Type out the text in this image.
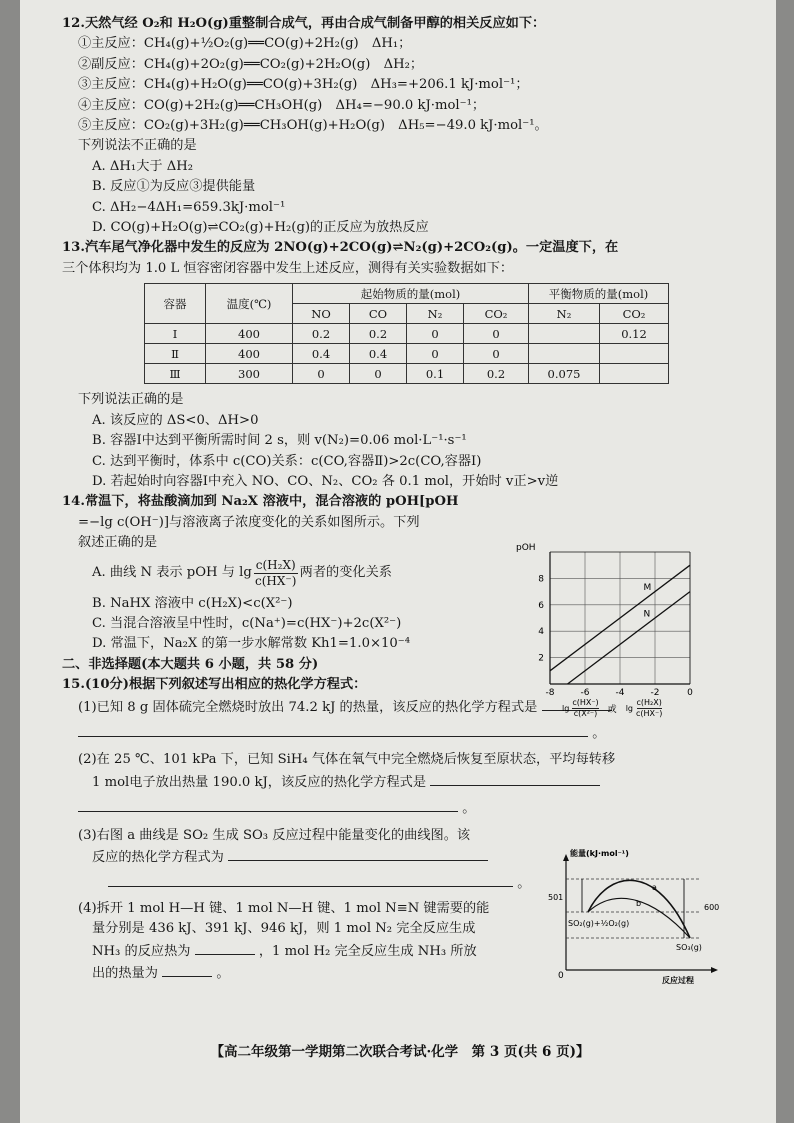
12.天然气经 O₂和 H₂O(g)重整制合成气，再由合成气制备甲醇的相关反应如下：
①主反应：CH₄(g)+½O₂(g)══CO(g)+2H₂(g)　ΔH₁；
②副反应：CH₄(g)+2O₂(g)══CO₂(g)+2H₂O(g)　ΔH₂；
③主反应：CH₄(g)+H₂O(g)══CO(g)+3H₂(g)　ΔH₃=+206.1 kJ·mol⁻¹；
④主反应：CO(g)+2H₂(g)══CH₃OH(g)　ΔH₄=−90.0 kJ·mol⁻¹；
⑤主反应：CO₂(g)+3H₂(g)══CH₃OH(g)+H₂O(g)　ΔH₅=−49.0 kJ·mol⁻¹。
下列说法不正确的是
A. ΔH₁大于 ΔH₂
B. 反应①为反应③提供能量
C. ΔH₂−4ΔH₁=659.3kJ·mol⁻¹
D. CO(g)+H₂O(g)⇌CO₂(g)+H₂(g)的正反应为放热反应
13.汽车尾气净化器中发生的反应为 2NO(g)+2CO(g)⇌N₂(g)+2CO₂(g)。一定温度下，在
三个体积均为 1.0 L 恒容密闭容器中发生上述反应，测得有关实验数据如下：
容器	温度(℃)	起始物质的量(mol)				平衡物质的量(mol)	
		NO	CO	N₂	CO₂	N₂	CO₂
Ⅰ	400	0.2	0.2	0	0		0.12
Ⅱ	400	0.4	0.4	0	0		
Ⅲ	300	0	0	0.1	0.2	0.075	
下列说法正确的是
A. 该反应的 ΔS<0、ΔH>0
B. 容器Ⅰ中达到平衡所需时间 2 s，则 v(N₂)=0.06 mol·L⁻¹·s⁻¹
C. 达到平衡时，体系中 c(CO)关系：c(CO,容器Ⅱ)>2c(CO,容器Ⅰ)
D. 若起始时向容器Ⅰ中充入 NO、CO、N₂、CO₂ 各 0.1 mol，开始时 v正>v逆
14.常温下，将盐酸滴加到 Na₂X 溶液中，混合溶液的 pOH[pOH
=−lg c(OH⁻)]与溶液离子浓度变化的关系如图所示。下列
叙述正确的是
A. 曲线 N 表示 pOH 与 $\lg \frac{\text{c(H₂X)}}{c(HX^-)}$ 两者的变化关系
B. NaHX 溶液中 c(H₂X)<c(X²⁻)
C. 当混合溶液呈中性时，c(Na⁺)=c(HX⁻)+2c(X²⁻)
D. 常温下，Na₂X 的第一步水解常数 Kh1=1.0×10⁻⁴
二、非选择题(本大题共 6 小题，共 58 分)
15.(10分)根据下列叙述写出相应的热化学方程式：
(1)已知 8 g 固体硫完全燃烧时放出 74.2 kJ 的热量，该反应的热化学方程式是
。
(2)在 25 ℃、101 kPa 下，已知 SiH₄ 气体在氧气中完全燃烧后恢复至原状态，平均每转移
1 mol电子放出热量 190.0 kJ，该反应的热化学方程式是
。
(3)右图 a 曲线是 SO₂ 生成 SO₃ 反应过程中能量变化的曲线图。该
反应的热化学方程式为
。
(4)拆开 1 mol H—H 键、1 mol N—H 键、1 mol N≡N 键需要的能
量分别是 436 kJ、391 kJ、946 kJ，则 1 mol N₂ 完全反应生成
NH₃ 的反应热为	，1 mol H₂ 完全反应生成 NH₃ 所放
出的热量为	。
pOH
-8	-6	-4	-2	0
2
4
6
8
M
N
$\lg \frac{c(HX^-)}{\text{c(X²⁻)}}$ 或 $\lg \frac{\text{c(H₂X)}}{c(HX^-)}$
能量(kJ·mol⁻¹)
0	反应过程
501
600
SO₂(g)+½O₂(g)
SO₃(g)
a
b
【高二年级第一学期第二次联合考试·化学　第 3 页(共 6 页)】
